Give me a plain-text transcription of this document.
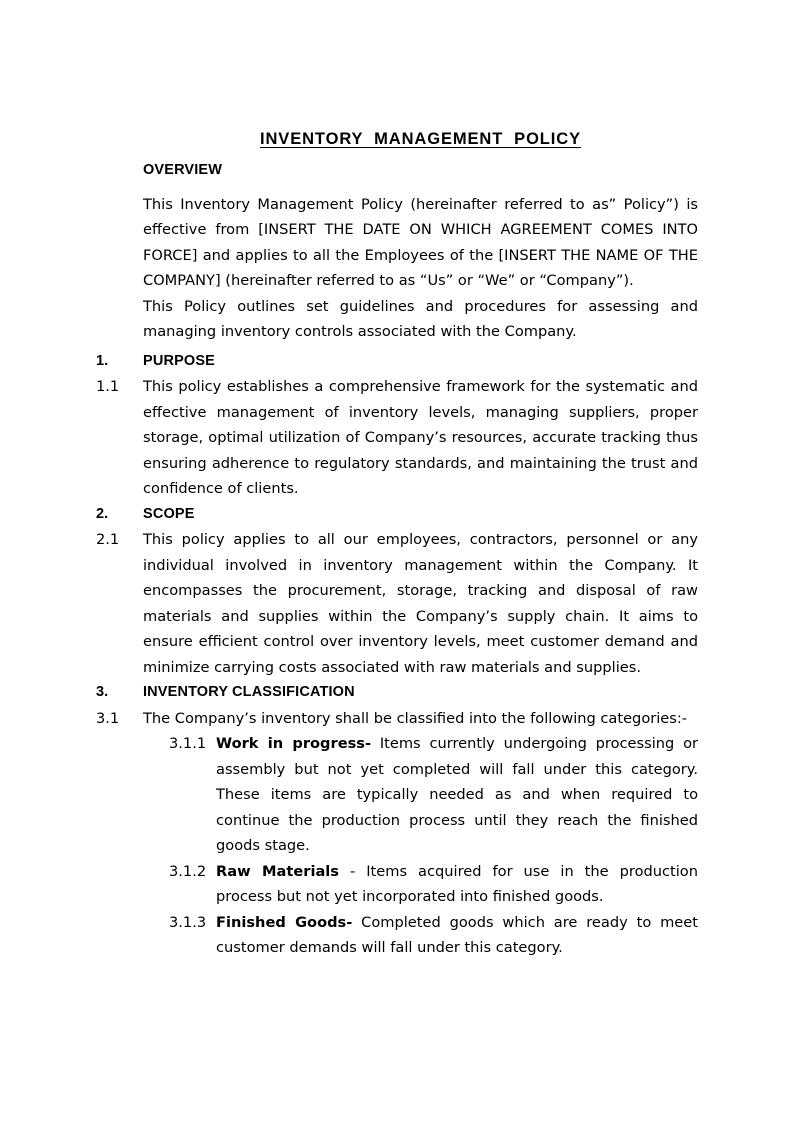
INVENTORY  MANAGEMENT  POLICY
OVERVIEW

This Inventory Management Policy (hereinafter referred to as” Policy”) is effective from [INSERT THE DATE ON WHICH AGREEMENT COMES INTO FORCE] and applies to all the Employees of the [INSERT THE NAME OF THE COMPANY] (hereinafter referred to as “Us” or “We” or “Company”).

This Policy outlines set guidelines and procedures for assessing and managing inventory controls associated with the Company.

1.	PURPOSE
1.1	This policy establishes a comprehensive framework for the systematic and effective management of inventory levels, managing suppliers, proper storage, optimal utilization of Company’s resources, accurate tracking thus ensuring adherence to regulatory standards, and maintaining the trust and confidence of clients.

2.	SCOPE
2.1	This policy applies to all our employees, contractors, personnel or any individual involved in inventory management within the Company. It encompasses the procurement, storage, tracking and disposal of raw materials and supplies within the Company’s supply chain. It aims to ensure efficient control over inventory levels, meet customer demand and minimize carrying costs associated with raw materials and supplies.

3.	INVENTORY CLASSIFICATION
3.1	The Company’s inventory shall be classified into the following categories:-

3.1.1 Work in progress- Items currently undergoing processing or assembly but not yet completed will fall under this category. These items are typically needed as and when required to continue the production process until they reach the finished goods stage.

3.1.2 Raw Materials - Items acquired for use in the production process but not yet incorporated into finished goods.

3.1.3 Finished Goods- Completed goods which are ready to meet customer demands will fall under this category.
